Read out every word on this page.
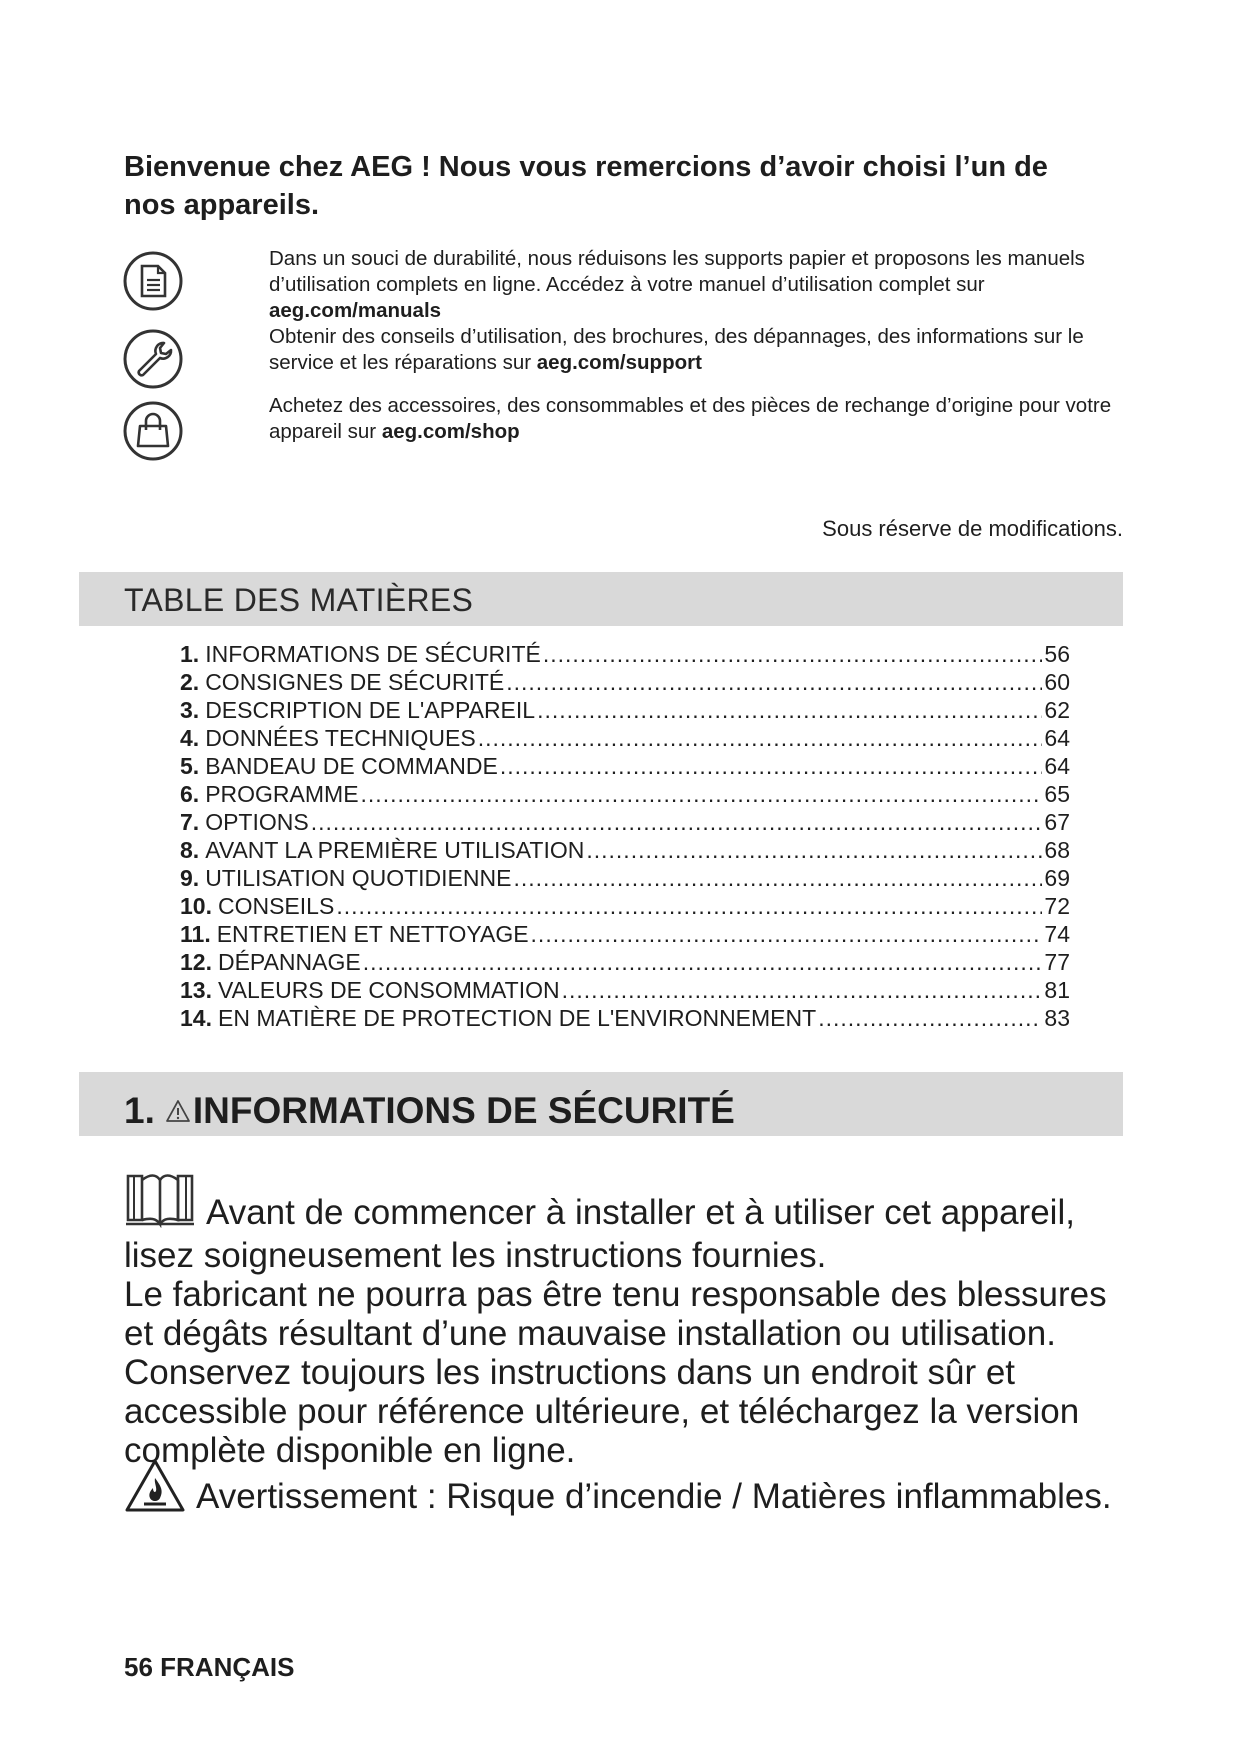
Bienvenue chez AEG ! Nous vous remercions d’avoir choisi l’un de
nos appareils.
Dans un souci de durabilité, nous réduisons les supports papier et proposons les manuels d’utilisation complets en ligne. Accédez à votre manuel d’utilisation complet sur aeg.com/manuals
Obtenir des conseils d’utilisation, des brochures, des dépannages, des informations sur le service et les réparations sur aeg.com/support
Achetez des accessoires, des consommables et des pièces de rechange d’origine pour votre appareil sur aeg.com/shop
Sous réserve de modifications.
TABLE DES MATIÈRES
1. INFORMATIONS DE SÉCURITÉ .....	56
2. CONSIGNES DE SÉCURITÉ .....	60
3. DESCRIPTION DE L'APPAREIL .....	62
4. DONNÉES TECHNIQUES .....	64
5. BANDEAU DE COMMANDE .....	64
6. PROGRAMME .....	65
7. OPTIONS .....	67
8. AVANT LA PREMIÈRE UTILISATION .....	68
9. UTILISATION QUOTIDIENNE .....	69
10. CONSEILS .....	72
11. ENTRETIEN ET NETTOYAGE .....	74
12. DÉPANNAGE .....	77
13. VALEURS DE CONSOMMATION .....	81
14. EN MATIÈRE DE PROTECTION DE L'ENVIRONNEMENT .....	83
1. INFORMATIONS DE SÉCURITÉ

Avant de commencer à installer et à utiliser cet appareil, lisez soigneusement les instructions fournies.

Le fabricant ne pourra pas être tenu responsable des blessures et dégâts résultant d’une mauvaise installation ou utilisation. Conservez toujours les instructions dans un endroit sûr et accessible pour référence ultérieure, et téléchargez la version complète disponible en ligne.

Avertissement : Risque d’incendie / Matières inflammables.
56 FRANÇAIS
